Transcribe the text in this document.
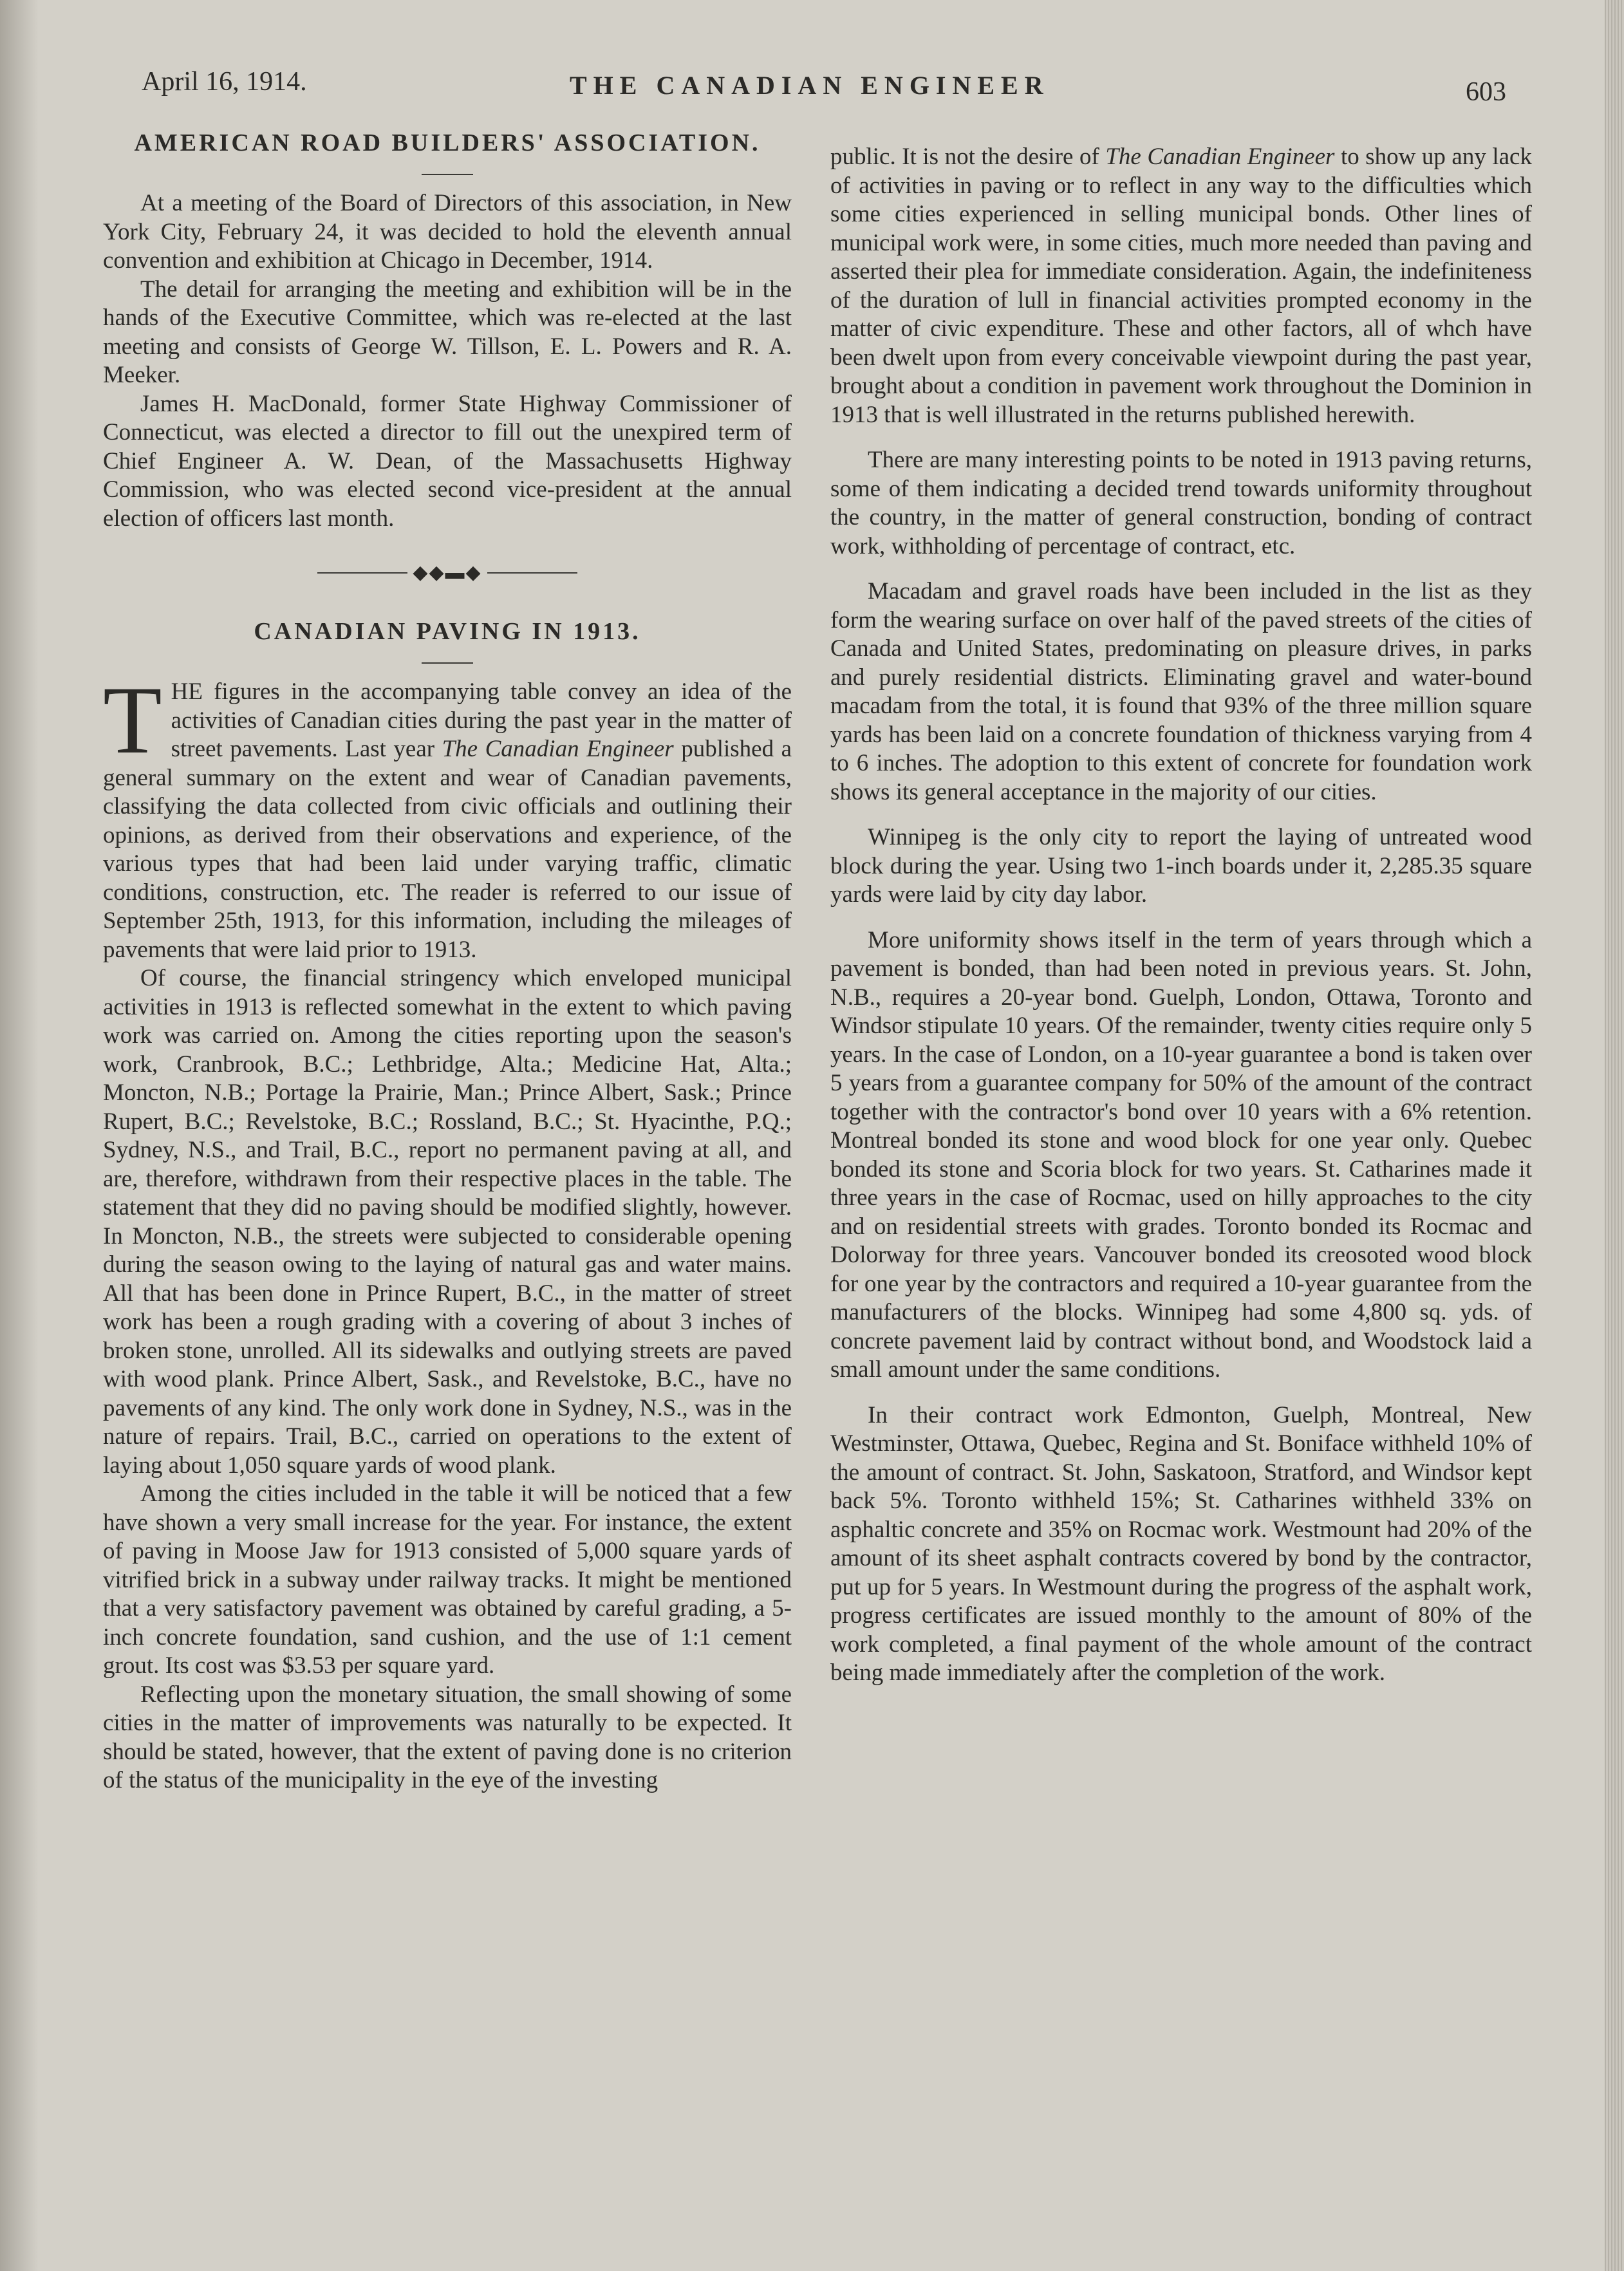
April 16, 1914.	THE CANADIAN ENGINEER	603
AMERICAN ROAD BUILDERS' ASSOCIATION.

At a meeting of the Board of Directors of this association, in New York City, February 24, it was decided to hold the eleventh annual convention and exhibition at Chicago in December, 1914.

The detail for arranging the meeting and exhibition will be in the hands of the Executive Committee, which was re-elected at the last meeting and consists of George W. Tillson, E. L. Powers and R. A. Meeker.

James H. MacDonald, former State Highway Commissioner of Connecticut, was elected a director to fill out the unexpired term of Chief Engineer A. W. Dean, of the Massachusetts Highway Commission, who was elected second vice-president at the annual election of officers last month.

◆◆▬◆
CANADIAN PAVING IN 1913.

THE figures in the accompanying table convey an idea of the activities of Canadian cities during the past year in the matter of street pavements. Last year The Canadian Engineer published a general summary on the extent and wear of Canadian pavements, classifying the data collected from civic officials and outlining their opinions, as derived from their observations and experience, of the various types that had been laid under varying traffic, climatic conditions, construction, etc. The reader is referred to our issue of September 25th, 1913, for this information, including the mileages of pavements that were laid prior to 1913.

Of course, the financial stringency which enveloped municipal activities in 1913 is reflected somewhat in the extent to which paving work was carried on. Among the cities reporting upon the season's work, Cranbrook, B.C.; Lethbridge, Alta.; Medicine Hat, Alta.; Moncton, N.B.; Portage la Prairie, Man.; Prince Albert, Sask.; Prince Rupert, B.C.; Revelstoke, B.C.; Rossland, B.C.; St. Hyacinthe, P.Q.; Sydney, N.S., and Trail, B.C., report no permanent paving at all, and are, therefore, withdrawn from their respective places in the table. The statement that they did no paving should be modified slightly, however. In Moncton, N.B., the streets were subjected to considerable opening during the season owing to the laying of natural gas and water mains. All that has been done in Prince Rupert, B.C., in the matter of street work has been a rough grading with a covering of about 3 inches of broken stone, unrolled. All its sidewalks and outlying streets are paved with wood plank. Prince Albert, Sask., and Revelstoke, B.C., have no pavements of any kind. The only work done in Sydney, N.S., was in the nature of repairs. Trail, B.C., carried on operations to the extent of laying about 1,050 square yards of wood plank.

Among the cities included in the table it will be noticed that a few have shown a very small increase for the year. For instance, the extent of paving in Moose Jaw for 1913 consisted of 5,000 square yards of vitrified brick in a subway under railway tracks. It might be mentioned that a very satisfactory pavement was obtained by careful grading, a 5-inch concrete foundation, sand cushion, and the use of 1:1 cement grout. Its cost was $3.53 per square yard.

Reflecting upon the monetary situation, the small showing of some cities in the matter of improvements was naturally to be expected. It should be stated, however, that the extent of paving done is no criterion of the status of the municipality in the eye of the investing

public. It is not the desire of The Canadian Engineer to show up any lack of activities in paving or to reflect in any way to the difficulties which some cities experienced in selling municipal bonds. Other lines of municipal work were, in some cities, much more needed than paving and asserted their plea for immediate consideration. Again, the indefiniteness of the duration of lull in financial activities prompted economy in the matter of civic expenditure. These and other factors, all of whch have been dwelt upon from every conceivable viewpoint during the past year, brought about a condition in pavement work throughout the Dominion in 1913 that is well illustrated in the returns published herewith.

There are many interesting points to be noted in 1913 paving returns, some of them indicating a decided trend towards uniformity throughout the country, in the matter of general construction, bonding of contract work, withholding of percentage of contract, etc.

Macadam and gravel roads have been included in the list as they form the wearing surface on over half of the paved streets of the cities of Canada and United States, predominating on pleasure drives, in parks and purely residential districts. Eliminating gravel and water-bound macadam from the total, it is found that 93% of the three million square yards has been laid on a concrete foundation of thickness varying from 4 to 6 inches. The adoption to this extent of concrete for foundation work shows its general acceptance in the majority of our cities.

Winnipeg is the only city to report the laying of untreated wood block during the year. Using two 1-inch boards under it, 2,285.35 square yards were laid by city day labor.

More uniformity shows itself in the term of years through which a pavement is bonded, than had been noted in previous years. St. John, N.B., requires a 20-year bond. Guelph, London, Ottawa, Toronto and Windsor stipulate 10 years. Of the remainder, twenty cities require only 5 years. In the case of London, on a 10-year guarantee a bond is taken over 5 years from a guarantee company for 50% of the amount of the contract together with the contractor's bond over 10 years with a 6% retention. Montreal bonded its stone and wood block for one year only. Quebec bonded its stone and Scoria block for two years. St. Catharines made it three years in the case of Rocmac, used on hilly approaches to the city and on residential streets with grades. Toronto bonded its Rocmac and Dolorway for three years. Vancouver bonded its creosoted wood block for one year by the contractors and required a 10-year guarantee from the manufacturers of the blocks. Winnipeg had some 4,800 sq. yds. of concrete pavement laid by contract without bond, and Woodstock laid a small amount under the same conditions.

In their contract work Edmonton, Guelph, Montreal, New Westminster, Ottawa, Quebec, Regina and St. Boniface withheld 10% of the amount of contract. St. John, Saskatoon, Stratford, and Windsor kept back 5%. Toronto withheld 15%; St. Catharines withheld 33% on asphaltic concrete and 35% on Rocmac work. Westmount had 20% of the amount of its sheet asphalt contracts covered by bond by the contractor, put up for 5 years. In Westmount during the progress of the asphalt work, progress certificates are issued monthly to the amount of 80% of the work completed, a final payment of the whole amount of the contract being made immediately after the completion of the work.
